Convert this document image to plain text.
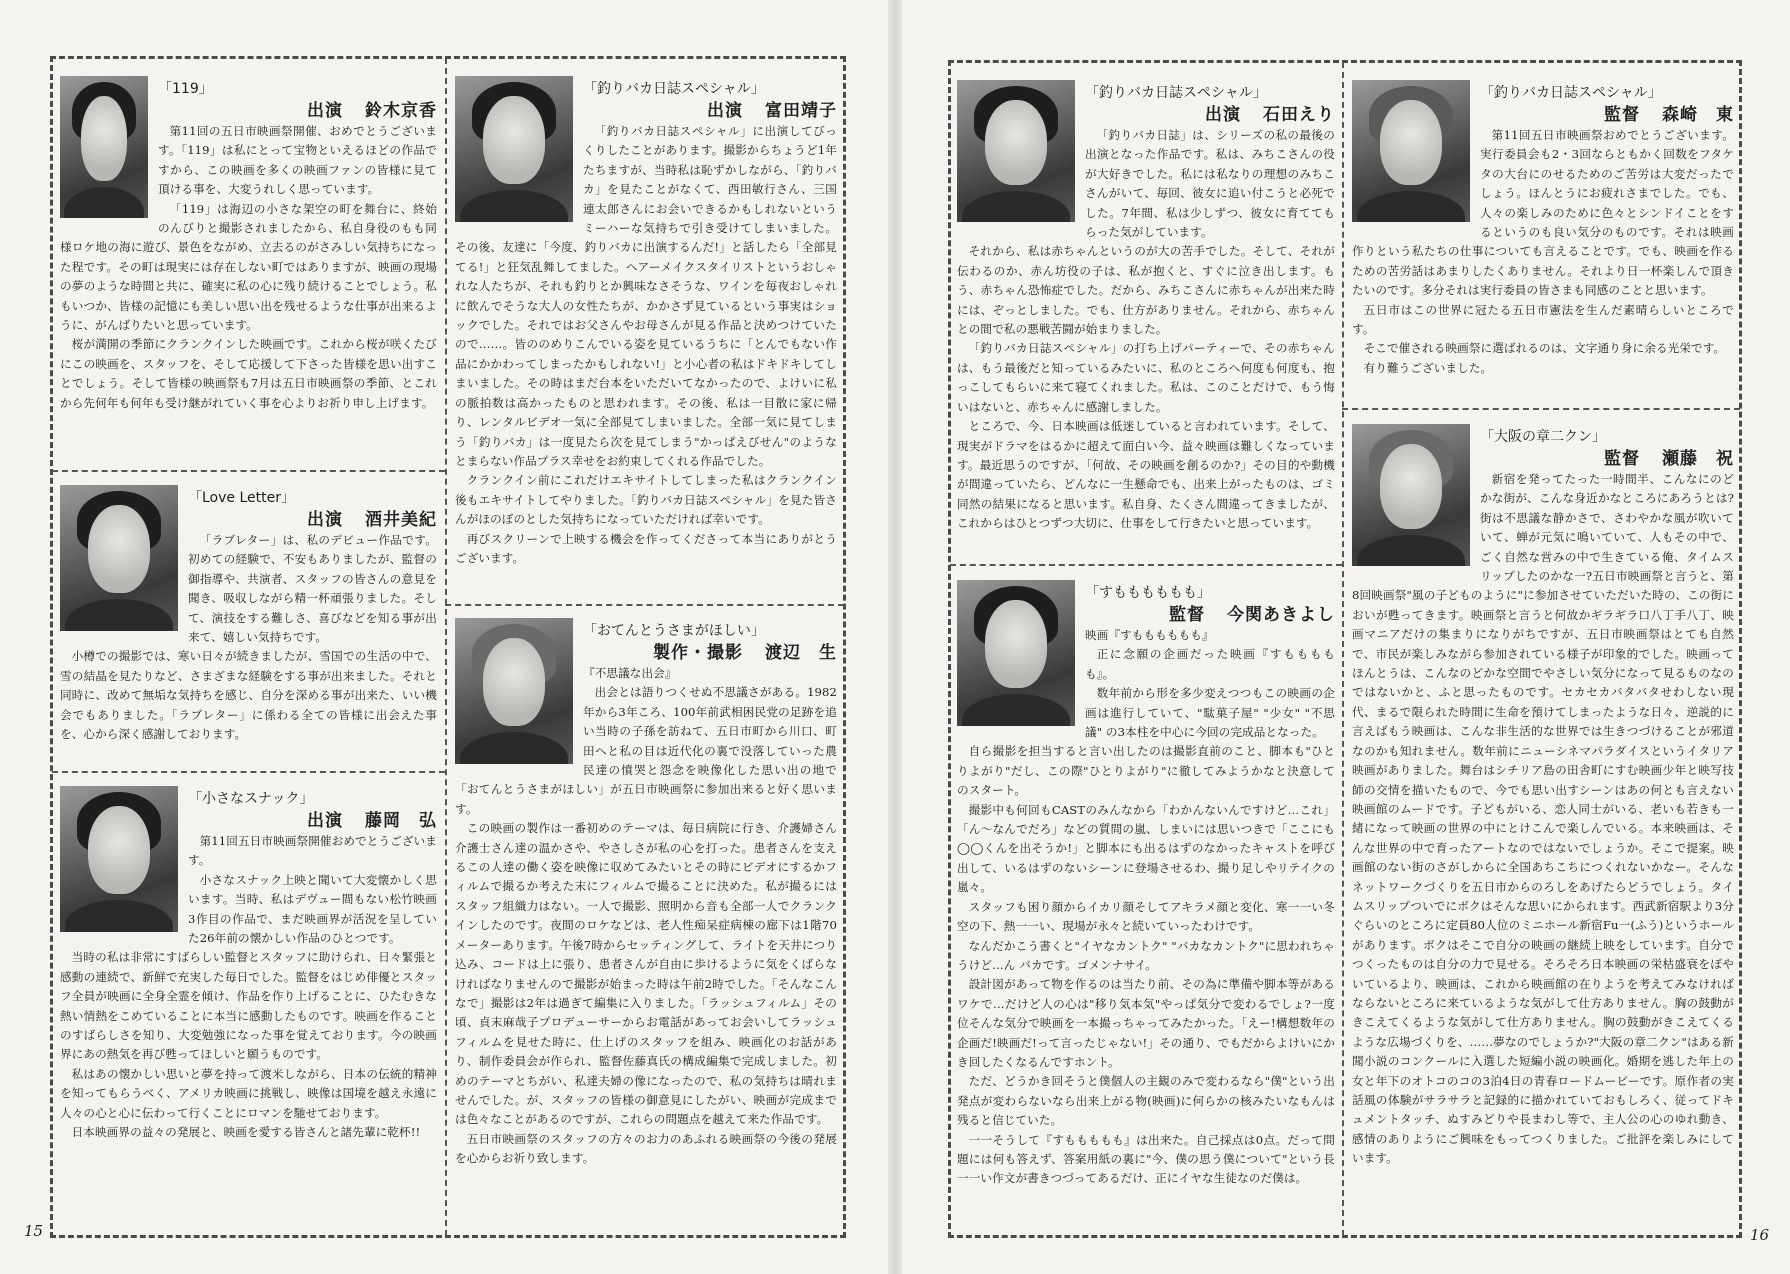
「119」
出演 鈴木京香

第11回の五日市映画祭開催、おめでとうございます。「119」は私にとって宝物といえるほどの作品ですから、この映画を多くの映画ファンの皆様に見て頂ける事を、大変うれしく思っています。

「119」は海辺の小さな架空の町を舞台に、終始のんびりと撮影されましたから、私自身役のもも同様ロケ地の海に遊び、景色をながめ、立去るのがさみしい気持ちになった程です。その町は現実には存在しない町ではありますが、映画の現場の夢のような時間と共に、確実に私の心に残り続けることでしょう。私もいつか、皆様の記憶にも美しい思い出を残せるような仕事が出来るように、がんばりたいと思っています。

桜が満開の季節にクランクインした映画です。これから桜が咲くたびにこの映画を、スタッフを、そして応援して下さった皆様を思い出すことでしょう。そして皆様の映画祭も7月は五日市映画祭の季節、とこれから先何年も何年も受け継がれていく事を心よりお祈り申し上げます。

「Love Letter」
出演 酒井美紀

「ラブレター」は、私のデビュー作品です。初めての経験で、不安もありましたが、監督の御指導や、共演者、スタッフの皆さんの意見を聞き、吸収しながら精一杯頑張りました。そして、演技をする難しさ、喜びなどを知る事が出来て、嬉しい気持ちです。

小樽での撮影では、寒い日々が続きましたが、雪国での生活の中で、雪の結晶を見たりなど、さまざまな経験をする事が出来ました。それと同時に、改めて無垢な気持ちを感じ、自分を深める事が出来た、いい機会でもありました。「ラブレター」に係わる全ての皆様に出会えた事を、心から深く感謝しております。

「小さなスナック」
出演 藤岡　弘

第11回五日市映画祭開催おめでとうございます。

小さなスナック上映と聞いて大変懐かしく思います。当時、私はデヴュー間もない松竹映画3作目の作品で、まだ映画界が活況を呈していた26年前の懐かしい作品のひとつです。

当時の私は非常にすばらしい監督とスタッフに助けられ、日々緊張と感動の連続で、新鮮で充実した毎日でした。監督をはじめ俳優とスタッフ全員が映画に全身全霊を傾け、作品を作り上げることに、ひたむきな熱い情熱をこめていることに本当に感動したものです。映画を作ることのすばらしさを知り、大変勉強になった事を覚えております。今の映画界にあの熱気を再び甦ってほしいと願うものです。

私はあの懐かしい思いと夢を持って渡米しながら、日本の伝統的精神を知ってもらうべく、アメリカ映画に挑戦し、映像は国境を越え永遠に人々の心と心に伝わって行くことにロマンを馳せております。

日本映画界の益々の発展と、映画を愛する皆さんと諸先輩に乾杯!!

「釣りバカ日誌スペシャル」
出演 富田靖子

「釣りバカ日誌スペシャル」に出演してびっくりしたことがあります。撮影からちょうど1年たちますが、当時私は恥ずかしながら、「釣りバカ」を見たことがなくて、西田敏行さん、三国連太郎さんにお会いできるかもしれないというミーハーな気持ちで引き受けてしまいました。その後、友達に「今度、釣りバカに出演するんだ!」と話したら「全部見てる!」と狂気乱舞してました。ヘアーメイクスタイリストというおしゃれな人たちが、それも釣りとか興味なさそうな、ワインを毎夜おしゃれに飲んでそうな大人の女性たちが、かかさず見ているという事実はショックでした。それではお父さんやお母さんが見る作品と決めつけていたので……。皆ののめりこんでいる姿を見ているうちに「とんでもない作品にかかわってしまったかもしれない!」と小心者の私はドキドキしてしまいました。その時はまだ台本をいただいてなかったので、よけいに私の脈拍数は高かったものと思われます。その後、私は一目散に家に帰り、レンタルビデオ一気に全部見てしまいました。全部一気に見てしまう「釣りバカ」は一度見たら次を見てしまう"かっぱえびせん"のようなとまらない作品プラス幸せをお約束してくれる作品でした。

クランクイン前にこれだけエキサイトしてしまった私はクランクイン後もエキサイトしてやりました。「釣りバカ日誌スペシャル」を見た皆さんがほのぼのとした気持ちになっていただければ幸いです。

再びスクリーンで上映する機会を作ってくださって本当にありがとうございます。

「おてんとうさまがほしい」
製作・撮影 渡辺　生

『不思議な出会』

出会とは語りつくせぬ不思議さがある。1982年から3年ころ、100年前武相困民党の足跡を追い当時の子孫を訪ねて、五日市町から川口、町田へと私の目は近代化の裏で没落していった農民達の憤哭と怨念を映像化した思い出の地で「おてんとうさまがほしい」が五日市映画祭に参加出来ると好く思います。

この映画の製作は一番初めのテーマは、毎日病院に行き、介護婦さん介護士さん達の温かさや、やさしさが私の心を打った。患者さんを支えるこの人達の働く姿を映像に収めてみたいとその時にビデオにするかフィルムで撮るか考えた末にフィルムで撮ることに決めた。私が撮るにはスタッフ組織力はない。一人で撮影、照明から音も全部一人でクランクインしたのです。夜間のロケなどは、老人性痴呆症病棟の廊下は1階70メーターあります。午後7時からセッティングして、ライトを天井につり込み、コードは上に張り、患者さんが自由に歩けるように気をくばらなければなりませんので撮影が始まった時は午前2時でした。「そんなこんなで」撮影は2年は過ぎて編集に入りました。「ラッシュフィルム」その頃、貞末麻哉子プロデューサーからお電話があってお会いしてラッシュフィルムを見せた時に、仕上げのスタッフを組み、映画化のお話があり、制作委員会が作られ、監督佐藤真氏の構成編集で完成しました。初めのテーマとちがい、私達夫婦の像になったので、私の気持ちは晴れませんでした。が、スタッフの皆様の御意見にしたがい、映画が完成までは色々なことがあるのですが、これらの問題点を越えて来た作品です。

五日市映画祭のスタッフの方々のお力のあふれる映画祭の今後の発展を心からお祈り致します。

「釣りバカ日誌スペシャル」
出演 石田えり

「釣りバカ日誌」は、シリーズの私の最後の出演となった作品です。私は、みちこさんの役が大好きでした。私には私なりの理想のみちこさんがいて、毎回、彼女に追い付こうと必死でした。7年間、私は少しずつ、彼女に育ててもらった気がしています。

それから、私は赤ちゃんというのが大の苦手でした。そして、それが伝わるのか、赤ん坊役の子は、私が抱くと、すぐに泣き出します。もう、赤ちゃん恐怖症でした。だから、みちこさんに赤ちゃんが出来た時には、ぞっとしました。でも、仕方がありません。それから、赤ちゃんとの間で私の悪戦苦闘が始まりました。

「釣りバカ日誌スペシャル」の打ち上げパーティーで、その赤ちゃんは、もう最後だと知っているみたいに、私のところへ何度も何度も、抱っこしてもらいに来て寝てくれました。私は、このことだけで、もう悔いはないと、赤ちゃんに感謝しました。

ところで、今、日本映画は低迷していると言われています。そして、現実がドラマをはるかに超えて面白い今、益々映画は難しくなっています。最近思うのですが、「何故、その映画を創るのか?」その目的や動機が間違っていたら、どんなに一生懸命でも、出来上がったものは、ゴミ同然の結果になると思います。私自身、たくさん間違ってきましたが、これからはひとつずつ大切に、仕事をして行きたいと思っています。

「すもももももも」
監督 今関あきよし

映画『すもももももも』

正に念願の企画だった映画『すももももも』。

数年前から形を多少変えつつもこの映画の企画は進行していて、"駄菓子屋" "少女" "不思議" の3本柱を中心に今回の完成品となった。

自ら撮影を担当すると言い出したのは撮影直前のこと、脚本も"ひとりよがり"だし、この際"ひとりよがり"に徹してみようかなと決意してのスタート。

撮影中も何回もCASTのみんなから「わかんないんですけど…これ」「ん〜なんでだろ」などの質問の嵐、しまいには思いつきで「ここにも◯◯くんを出そうか!」と脚本にも出るはずのなかったキャストを呼び出して、いるはずのないシーンに登場させるわ、撮り足しやリテイクの嵐々。

スタッフも困り顔からイカリ顔そしてアキラメ顔と変化、寒一一い冬空の下、熱一一い、現場が永々と続いていったわけです。

なんだかこう書くと"イヤなカントク" "バカなカントク"に思われちゃうけど…ん バカです。ゴメンナサイ。

設計図があって物を作るのは当たり前、その為に準備や脚本等があるワケで…だけど人の心は"移り気本気"やっぱ気分で変わるでしょ?一度位そんな気分で映画を一本撮っちゃってみたかった。「えー!構想数年の企画だ!映画だ!って言ったじゃない!」その通り、でもだからよけいにかき回したくなるんですホント。

ただ、どうかき回そうと僕個人の主観のみで変わるなら"僕"という出発点が変わらないなら出来上がる物(映画)に何らかの核みたいなもんは残ると信じていた。

一一そうして『すももももも』は出来た。自己採点は0点。だって問題には何も答えず、答案用紙の裏に"今、僕の思う僕について"という長一一い作文が書きつづってあるだけ、正にイヤな生徒なのだ僕は。

「釣りバカ日誌スペシャル」
監督 森崎　東

第11回五日市映画祭おめでとうございます。実行委員会も2・3回ならともかく回数をフタケタの大台にのせるためのご苦労は大変だったでしょう。ほんとうにお疲れさまでした。でも、人々の楽しみのために色々とシンドイことをするというのも良い気分のものです。それは映画作りという私たちの仕事についても言えることです。でも、映画を作るための苦労話はあまりしたくありません。それより日一杯楽しんで頂きたいのです。多分それは実行委員の皆さまも同感のことと思います。

五日市はこの世界に冠たる五日市憲法を生んだ素晴らしいところです。

そこで催される映画祭に選ばれるのは、文字通り身に余る光栄です。

有り難うございました。

「大阪の章二クン」
監督 瀬藤　祝

新宿を発ってたった一時間半、こんなにのどかな街が、こんな身近かなところにあろうとは?街は不思議な静かさで、さわやかな風が吹いていて、蝉が元気に鳴いていて、人もその中で、ごく自然な営みの中で生きている俺、タイムスリップしたのかな一?五日市映画祭と言うと、第8回映画祭"風の子どものように"に参加させていただいた時の、この街においが甦ってきます。映画祭と言うと何故かギラギラ口八丁手八丁、映画マニアだけの集まりになりがちですが、五日市映画祭はとても自然で、市民が楽しみながら参加されている様子が印象的でした。映画ってほんとうは、こんなのどかな空間でやさしい気分になって見るものなのではないかと、ふと思ったものです。セカセカバタバタせわしない現代、まるで限られた時間に生命を預けてしまったような日々、逆説的に言えばもう映画は、こんな非生活的な世界では生きつづけることが邪道なのかも知れません。数年前にニューシネマパラダイスというイタリア映画がありました。舞台はシチリア島の田舎町にすむ映画少年と映写技師の交情を描いたもので、今でも思い出すシーンはあの何とも言えない映画館のムードです。子どもがいる、恋人同士がいる、老いも若きも一緒になって映画の世界の中にとけこんで楽しんでいる。本来映画は、そんな世界の中で育ったアートなのではないでしょうか。そこで提案。映画館のない街のさがしからに全国あちこちにつくれないかなー。そんなネットワークづくりを五日市からのろしをあげたらどうでしょう。タイムスリップついでにボクはそんな思いにかられます。西武新宿駅より3分ぐらいのところに定員80人位のミニホール新宿Fu一(ふう)というホールがあります。ボクはそこで自分の映画の継続上映をしています。自分でつくったものは自分の力で見せる。そろそろ日本映画の栄枯盛衰をぼやいているより、映画は、これから映画館の在りようを考えてみなければならないところに来ているような気がして仕方ありません。胸の鼓動がきこえてくるような気がして仕方ありません。胸の鼓動がきこえてくるような広場づくりを、……夢なのでしょうか?"大阪の章二クン"はある新聞小説のコンクールに入選した短編小説の映画化。婚期を逃した年上の女と年下のオトコのコの3泊4日の青春ロードムービーです。原作者の実話風の体験がサラサラと記録的に描かれていておもしろく、従ってドキュメントタッチ、ぬすみどりや長まわし等で、主人公の心のゆれ動き、感情のありようにご興味をもってつくりました。ご批評を楽しみにしています。

15	16
